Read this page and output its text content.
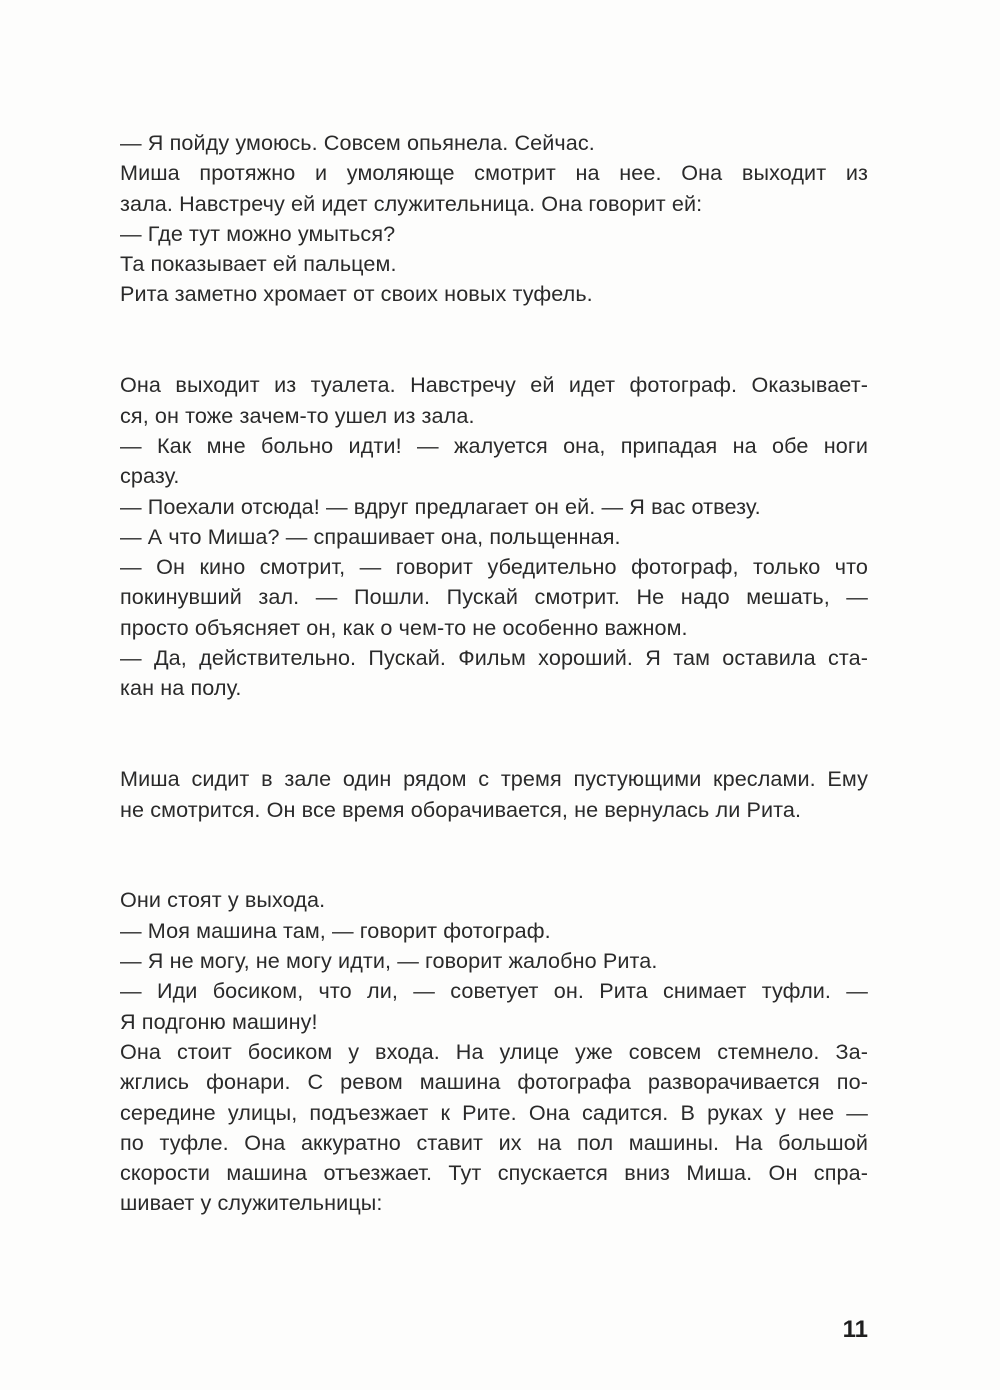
— Я пойду умоюсь. Совсем опьянела. Сейчас.
Миша протяжно и умоляюще смотрит на нее. Она выходит из
зала. Навстречу ей идет служительница. Она говорит ей:
— Где тут можно умыться?
Та показывает ей пальцем.
Рита заметно хромает от своих новых туфель.
Она выходит из туалета. Навстречу ей идет фотограф. Оказывает-
ся, он тоже зачем-то ушел из зала.
— Как мне больно идти! — жалуется она, припадая на обе ноги
сразу.
— Поехали отсюда! — вдруг предлагает он ей. — Я вас отвезу.
— А что Миша? — спрашивает она, польщенная.
— Он кино смотрит, — говорит убедительно фотограф, только что
покинувший зал. — Пошли. Пускай смотрит. Не надо мешать, —
просто объясняет он, как о чем-то не особенно важном.
— Да, действительно. Пускай. Фильм хороший. Я там оставила ста-
кан на полу.
Миша сидит в зале один рядом с тремя пустующими креслами. Ему
не смотрится. Он все время оборачивается, не вернулась ли Рита.
Они стоят у выхода.
— Моя машина там, — говорит фотограф.
— Я не могу, не могу идти, — говорит жалобно Рита.
— Иди босиком, что ли, — советует он. Рита снимает туфли. —
Я подгоню машину!
Она стоит босиком у входа. На улице уже совсем стемнело. За-
жглись фонари. С ревом машина фотографа разворачивается по-
середине улицы, подъезжает к Рите. Она садится. В руках у нее —
по туфле. Она аккуратно ставит их на пол машины. На большой
скорости машина отъезжает. Тут спускается вниз Миша. Он спра-
шивает у служительницы:
11
